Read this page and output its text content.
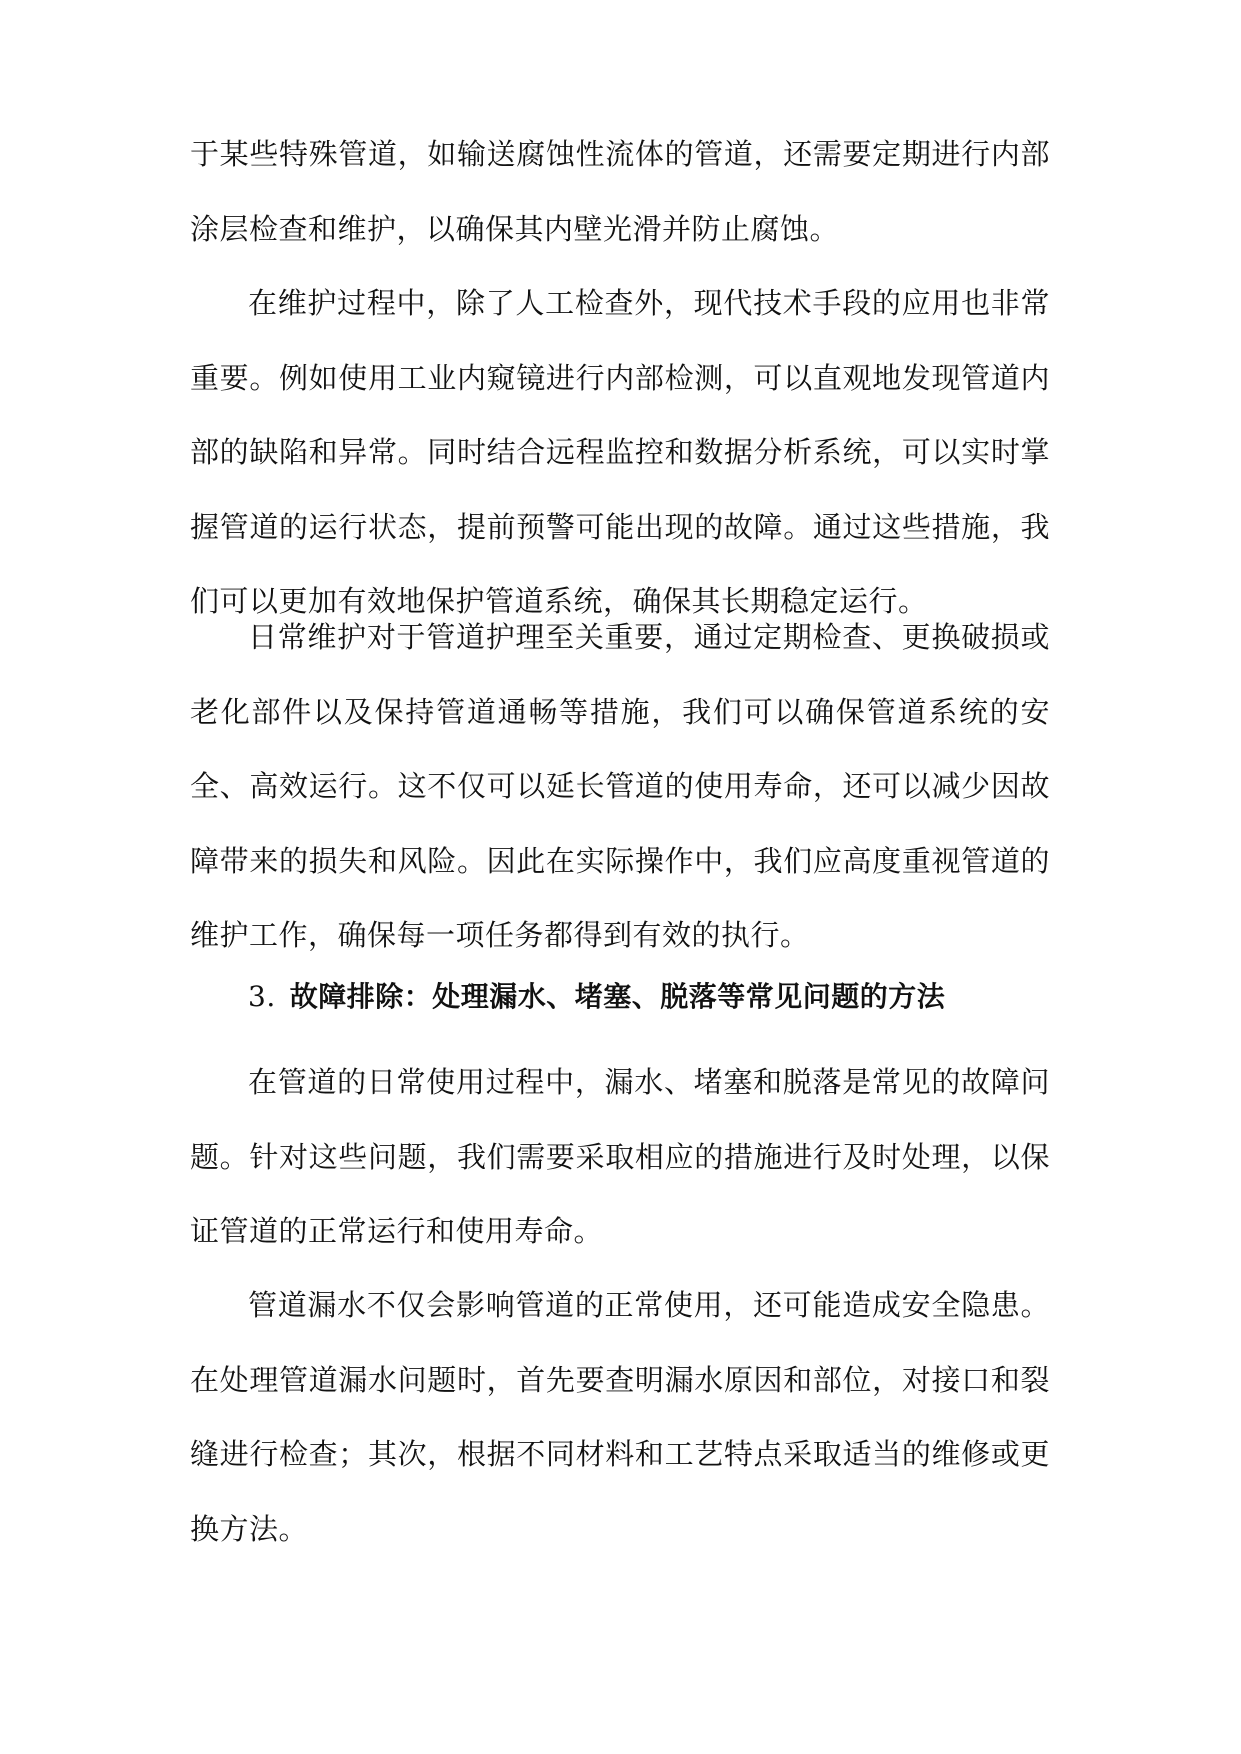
于某些特殊管道，如输送腐蚀性流体的管道，还需要定期进行内部涂层检查和维护，以确保其内壁光滑并防止腐蚀。

在维护过程中，除了人工检查外，现代技术手段的应用也非常重要。例如使用工业内窥镜进行内部检测，可以直观地发现管道内部的缺陷和异常。同时结合远程监控和数据分析系统，可以实时掌握管道的运行状态，提前预警可能出现的故障。通过这些措施，我们可以更加有效地保护管道系统，确保其长期稳定运行。

日常维护对于管道护理至关重要，通过定期检查、更换破损或老化部件以及保持管道通畅等措施，我们可以确保管道系统的安全、高效运行。这不仅可以延长管道的使用寿命，还可以减少因故障带来的损失和风险。因此在实际操作中，我们应高度重视管道的维护工作，确保每一项任务都得到有效的执行。

3. 故障排除：处理漏水、堵塞、脱落等常见问题的方法

在管道的日常使用过程中，漏水、堵塞和脱落是常见的故障问题。针对这些问题，我们需要采取相应的措施进行及时处理，以保证管道的正常运行和使用寿命。

管道漏水不仅会影响管道的正常使用，还可能造成安全隐患。在处理管道漏水问题时，首先要查明漏水原因和部位，对接口和裂缝进行检查；其次，根据不同材料和工艺特点采取适当的维修或更换方法。
